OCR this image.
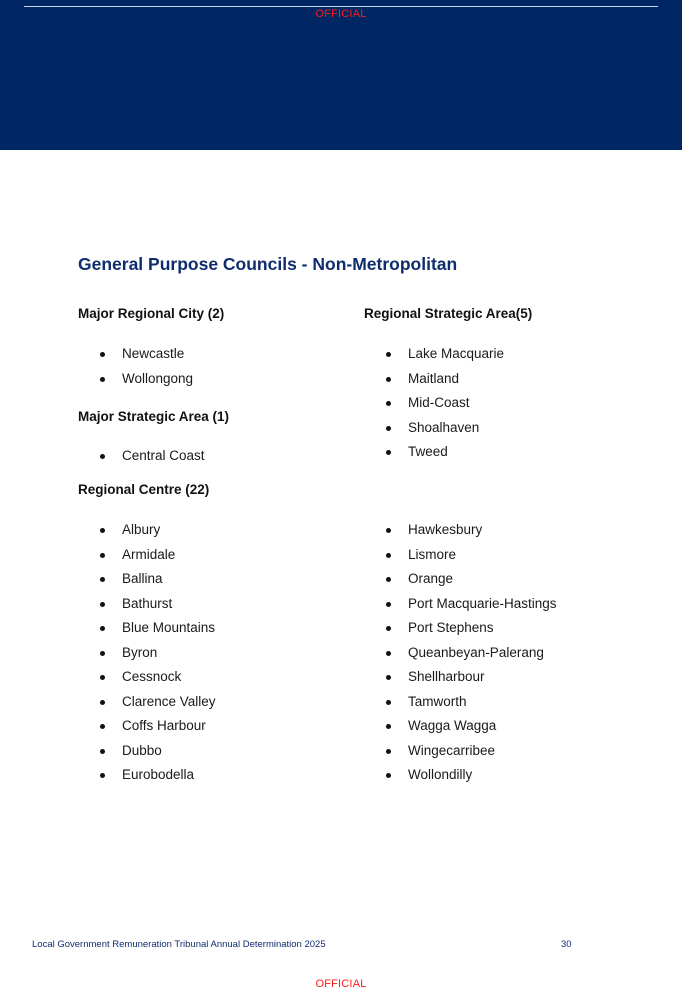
OFFICIAL
General Purpose Councils - Non-Metropolitan
Major Regional City (2)
Newcastle
Wollongong
Major Strategic Area (1)
Central Coast
Regional Strategic Area(5)
Lake Macquarie
Maitland
Mid-Coast
Shoalhaven
Tweed
Regional Centre (22)
Albury
Armidale
Ballina
Bathurst
Blue Mountains
Byron
Cessnock
Clarence Valley
Coffs Harbour
Dubbo
Eurobodella
Hawkesbury
Lismore
Orange
Port Macquarie-Hastings
Port Stephens
Queanbeyan-Palerang
Shellharbour
Tamworth
Wagga Wagga
Wingecarribee
Wollondilly
Local Government Remuneration Tribunal Annual Determination 2025	30
OFFICIAL
